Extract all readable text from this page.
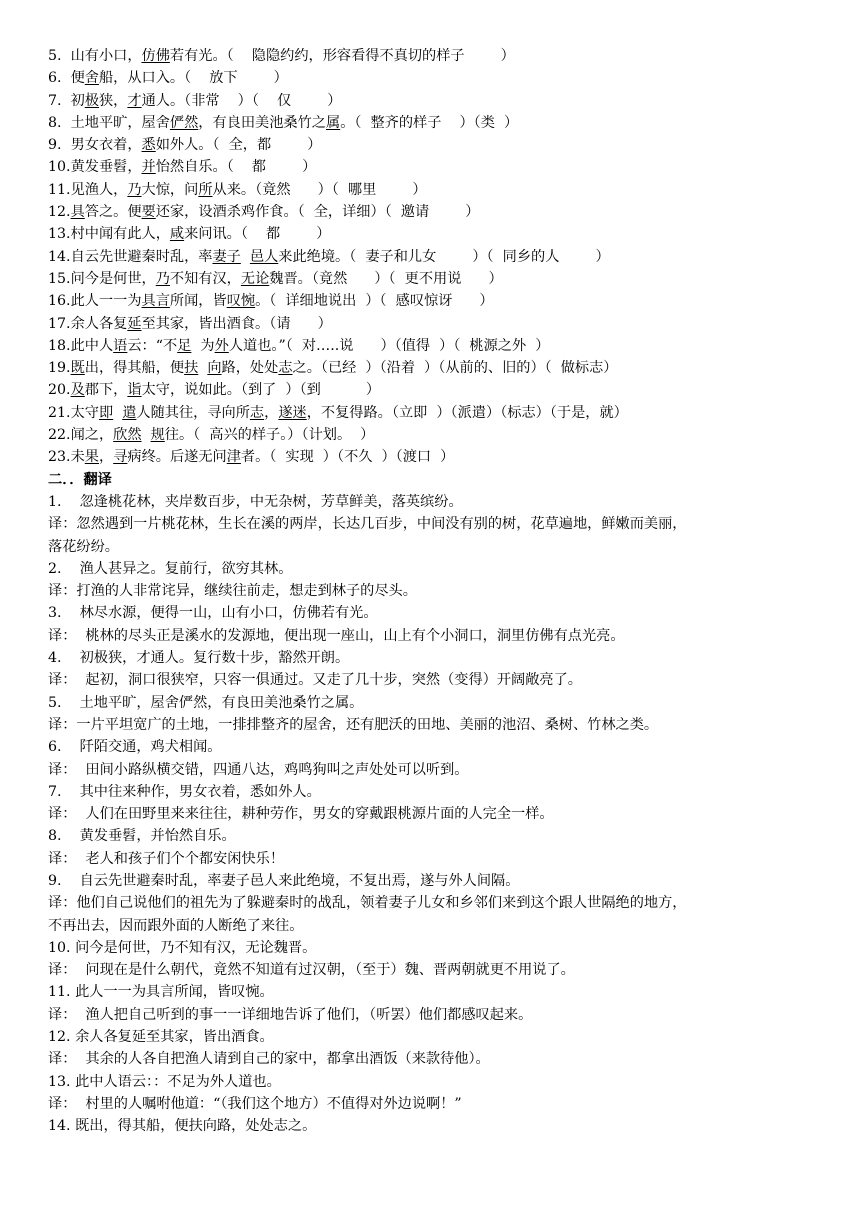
5.  山有小口，仿佛若有光。（    隐隐约约，形容看得不真切的样子        ）
6.  便舍船，从口入。（    放下        ）
7.  初极狭，才通人。（非常    ）（    仅        ）
8.  土地平旷，屋舍俨然，有良田美池桑竹之属。（  整齐的样子    ）（类  ）
9.  男女衣着，悉如外人。（  全，都        ）
10.黄发垂髫，并怡然自乐。（    都        ）
11.见渔人，乃大惊，问所从来。（竟然      ）（  哪里        ）
12.具答之。便要还家，设酒杀鸡作食。（  全，详细）（  邀请        ）
13.村中闻有此人，咸来问讯。（    都        ）
14.自云先世避秦时乱，率妻子 邑人来此绝境。（  妻子和儿女        ）（  同乡的人        ）
15.问今是何世，乃不知有汉，无论魏晋。（竟然      ）（  更不用说      ）
16.此人一一为具言所闻，皆叹惋。（  详细地说出  ）（  感叹惊讶      ）
17.余人各复延至其家，皆出酒食。（请      ）
18.此中人语云：“不足  为外人道也。”（  对…..说      ）（值得  ）（  桃源之外  ）
19.既出，得其船，便扶 向路，处处志之。（已经  ）（沿着  ）（从前的、旧的）（  做标志）
20.及郡下，诣太守，说如此。（到了  ）（到          ）
21.太守即 遣人随其往，寻向所志，遂迷，不复得路。（立即  ）（派遣）（标志）（于是，就）
22.闻之，欣然 规往。（  高兴的样子。）（计划。  ）
23.未果，寻病终。后遂无问津者。（  实现  ）（不久  ）（渡口  ）
二．．翻译
1.    忽逢桃花林，夹岸数百步，中无杂树，芳草鲜美，落英缤纷。
译：忽然遇到一片桃花林，生长在溪的两岸，长达几百步，中间没有别的树，花草遍地，鲜嫩而美丽，
落花纷纷。
2.    渔人甚异之。复前行，欲穷其林。
译：打渔的人非常诧异，继续往前走，想走到林子的尽头。
3.    林尽水源，便得一山，山有小口，仿佛若有光。
译：  桃林的尽头正是溪水的发源地，便出现一座山，山上有个小洞口，洞里仿佛有点光亮。
4.    初极狭，才通人。复行数十步，豁然开朗。
译：  起初，洞口很狭窄，只容一俱通过。又走了几十步，突然（变得）开阔敞亮了。
5.    土地平旷，屋舍俨然，有良田美池桑竹之属。
译：一片平坦宽广的土地，一排排整齐的屋舍，还有肥沃的田地、美丽的池沼、桑树、竹林之类。
6.    阡陌交通，鸡犬相闻。
译：  田间小路纵横交错，四通八达，鸡鸣狗叫之声处处可以听到。
7.    其中往来种作，男女衣着，悉如外人。
译：  人们在田野里来来往往，耕种劳作，男女的穿戴跟桃源片面的人完全一样。
8.    黄发垂髫，并怡然自乐。
译：  老人和孩子们个个都安闲快乐！
9.    自云先世避秦时乱，率妻子邑人来此绝境，不复出焉，遂与外人间隔。
译：他们自己说他们的祖先为了躲避秦时的战乱，领着妻子儿女和乡邻们来到这个跟人世隔绝的地方，
不再出去，因而跟外面的人断绝了来往。
10. 问今是何世，乃不知有汉，无论魏晋。
译：  问现在是什么朝代，竟然不知道有过汉朝，（至于）魏、晋两朝就更不用说了。
11. 此人一一为具言所闻，皆叹惋。
译：  渔人把自己听到的事一一详细地告诉了他们，（听罢）他们都感叹起来。
12. 余人各复延至其家，皆出酒食。
译：  其余的人各自把渔人请到自己的家中，都拿出酒饭（来款待他）。
13. 此中人语云：：不足为外人道也。
译：  村里的人嘱咐他道：“（我们这个地方）不值得对外边说啊！”
14. 既出，得其船，便扶向路，处处志之。
